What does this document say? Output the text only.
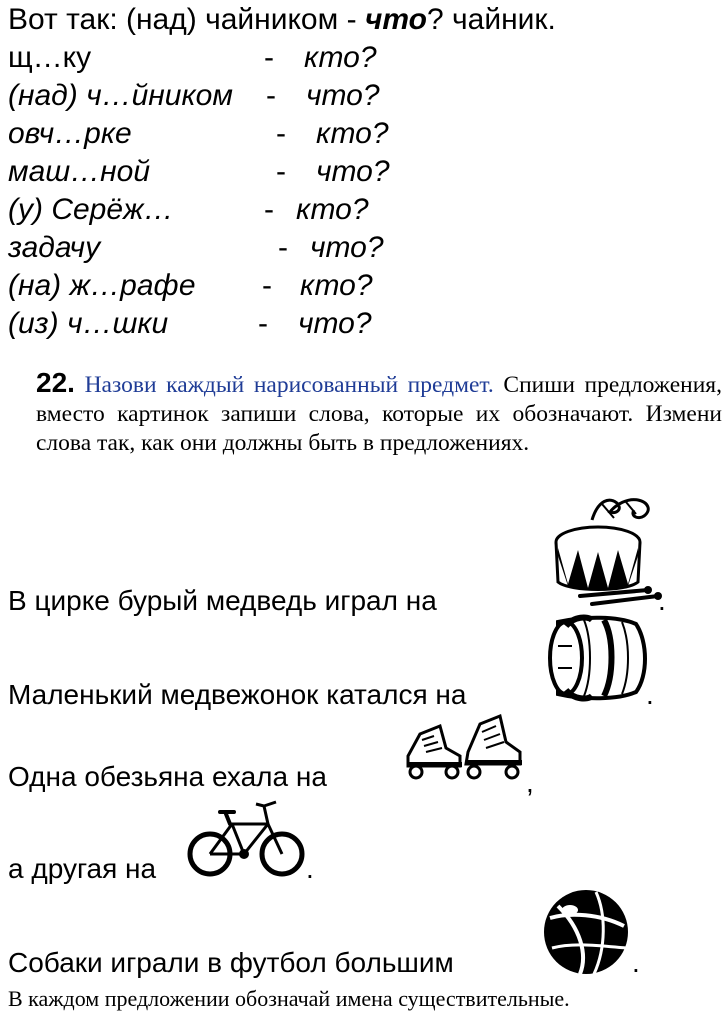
Вот так: (над) чайником - что? чайник.
щ…ку	- кто?
(над) ч…йником - что?
овч…рке	- кто?
маш…ной	- что?
(у) Серёж…	- кто?
задачу	- что?
(на) ж…рафе - кто?
(из) ч…шки	- что?
22. Назови каждый нарисованный предмет. Спиши предложения, вместо картинок запиши слова, которые их обозначают. Измени слова так, как они должны быть в предложениях.
В цирке бурый медведь играл на	.
Маленький медвежонок катался на	.
Одна обезьяна ехала на	,
а другая на	.
Собаки играли в футбол большим	.
В каждом предложении обозначай имена существительные.
